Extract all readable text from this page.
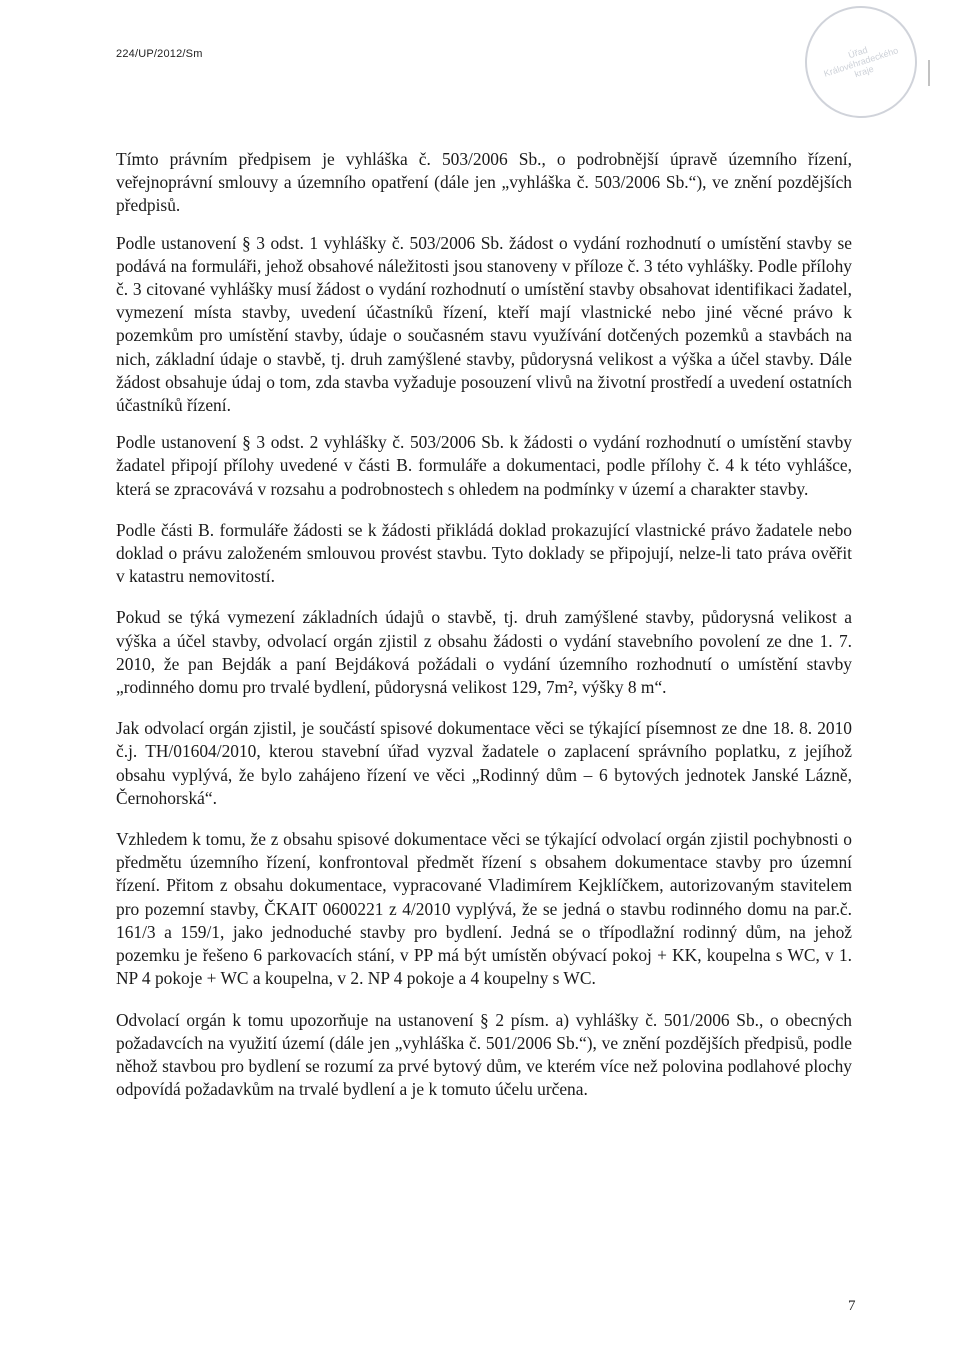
224/UP/2012/Sm	Úřad Královéhradeckého kraje

Tímto právním předpisem je vyhláška č. 503/2006 Sb., o podrobnější úpravě územního řízení, veřejnoprávní smlouvy a územního opatření (dále jen „vyhláška č. 503/2006 Sb.“), ve znění pozdějších předpisů.

Podle ustanovení § 3 odst. 1 vyhlášky č. 503/2006 Sb. žádost o vydání rozhodnutí o umístění stavby se podává na formuláři, jehož obsahové náležitosti jsou stanoveny v příloze č. 3 této vyhlášky. Podle přílohy č. 3 citované vyhlášky musí žádost o vydání rozhodnutí o umístění stavby obsahovat identifikaci žadatel, vymezení místa stavby, uvedení účastníků řízení, kteří mají vlastnické nebo jiné věcné právo k pozemkům pro umístění stavby, údaje o současném stavu využívání dotčených pozemků a stavbách na nich, základní údaje o stavbě, tj. druh zamýšlené stavby, půdorysná velikost a výška a účel stavby. Dále žádost obsahuje údaj o tom, zda stavba vyžaduje posouzení vlivů na životní prostředí a uvedení ostatních účastníků řízení.

Podle ustanovení § 3 odst. 2 vyhlášky č. 503/2006 Sb. k žádosti o vydání rozhodnutí o umístění stavby žadatel připojí přílohy uvedené v části B. formuláře a dokumentaci, podle přílohy č. 4 k této vyhlášce, která se zpracovává v rozsahu a podrobnostech s ohledem na podmínky v území a charakter stavby.

Podle části B. formuláře žádosti se k žádosti přikládá doklad prokazující vlastnické právo žadatele nebo doklad o právu založeném smlouvou provést stavbu. Tyto doklady se připojují, nelze-li tato práva ověřit v katastru nemovitostí.

Pokud se týká vymezení základních údajů o stavbě, tj. druh zamýšlené stavby, půdorysná velikost a výška a účel stavby, odvolací orgán zjistil z obsahu žádosti o vydání stavebního povolení ze dne 1. 7. 2010, že pan Bejdák a paní Bejdáková požádali o vydání územního rozhodnutí o umístění stavby „rodinného domu pro trvalé bydlení, půdorysná velikost 129, 7m², výšky 8 m“.

Jak odvolací orgán zjistil, je součástí spisové dokumentace věci se týkající písemnost ze dne 18. 8. 2010 č.j. TH/01604/2010, kterou stavební úřad vyzval žadatele o zaplacení správního poplatku, z jejíhož obsahu vyplývá, že bylo zahájeno řízení ve věci „Rodinný dům – 6 bytových jednotek Janské Lázně, Černohorská“.

Vzhledem k tomu, že z obsahu spisové dokumentace věci se týkající odvolací orgán zjistil pochybnosti o předmětu územního řízení, konfrontoval předmět řízení s obsahem dokumentace stavby pro územní řízení. Přitom z obsahu dokumentace, vypracované Vladimírem Kejklíčkem, autorizovaným stavitelem pro pozemní stavby, ČKAIT 0600221 z 4/2010 vyplývá, že se jedná o stavbu rodinného domu na par.č. 161/3 a 159/1, jako jednoduché stavby pro bydlení. Jedná se o třípodlažní rodinný dům, na jehož pozemku je řešeno 6 parkovacích stání, v PP má být umístěn obývací pokoj + KK, koupelna s WC, v 1. NP 4 pokoje + WC a koupelna, v 2. NP 4 pokoje a 4 koupelny s WC.

Odvolací orgán k tomu upozorňuje na ustanovení § 2 písm. a) vyhlášky č. 501/2006 Sb., o obecných požadavcích na využití území (dále jen „vyhláška č. 501/2006 Sb.“), ve znění pozdějších předpisů, podle něhož stavbou pro bydlení se rozumí za prvé bytový dům, ve kterém více než polovina podlahové plochy odpovídá požadavkům na trvalé bydlení a je k tomuto účelu určena.

7
